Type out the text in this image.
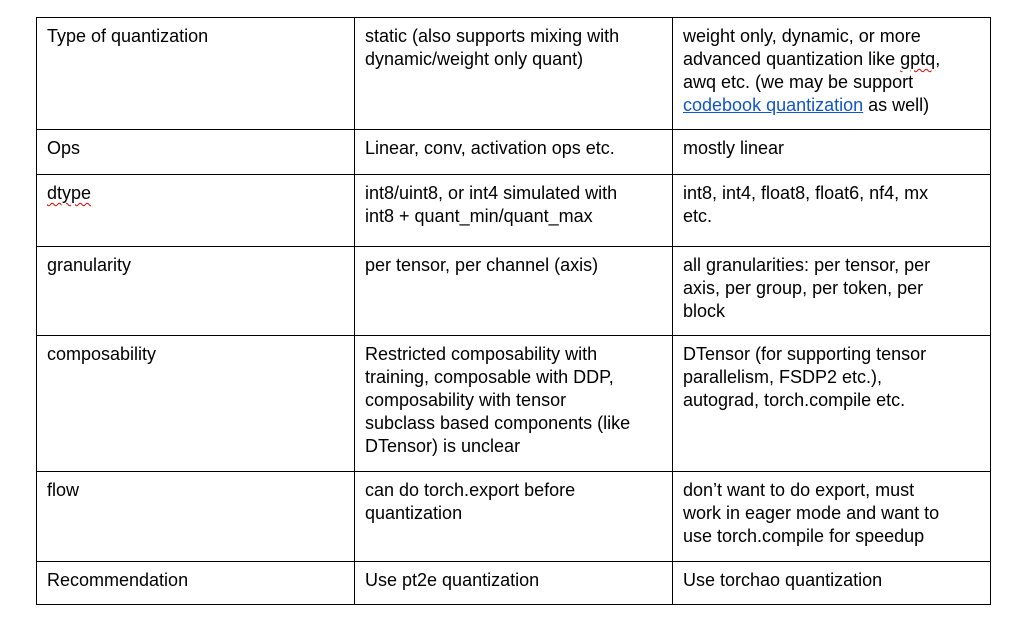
Type of quantization	static (also supports mixing with
dynamic/weight only quant)	weight only, dynamic, or more
advanced quantization like gptq,
awq etc. (we may be support
codebook quantization as well)

Ops	Linear, conv, activation ops etc.	mostly linear

dtype	int8/uint8, or int4 simulated with
int8 + quant_min/quant_max	int8, int4, float8, float6, nf4, mx
etc.

granularity	per tensor, per channel (axis)	all granularities: per tensor, per
axis, per group, per token, per
block

composability	Restricted composability with
training, composable with DDP,
composability with tensor
subclass based components (like
DTensor) is unclear	DTensor (for supporting tensor
parallelism, FSDP2 etc.),
autograd, torch.compile etc.

flow	can do torch.export before
quantization	don’t want to do export, must
work in eager mode and want to
use torch.compile for speedup

Recommendation	Use pt2e quantization	Use torchao quantization
